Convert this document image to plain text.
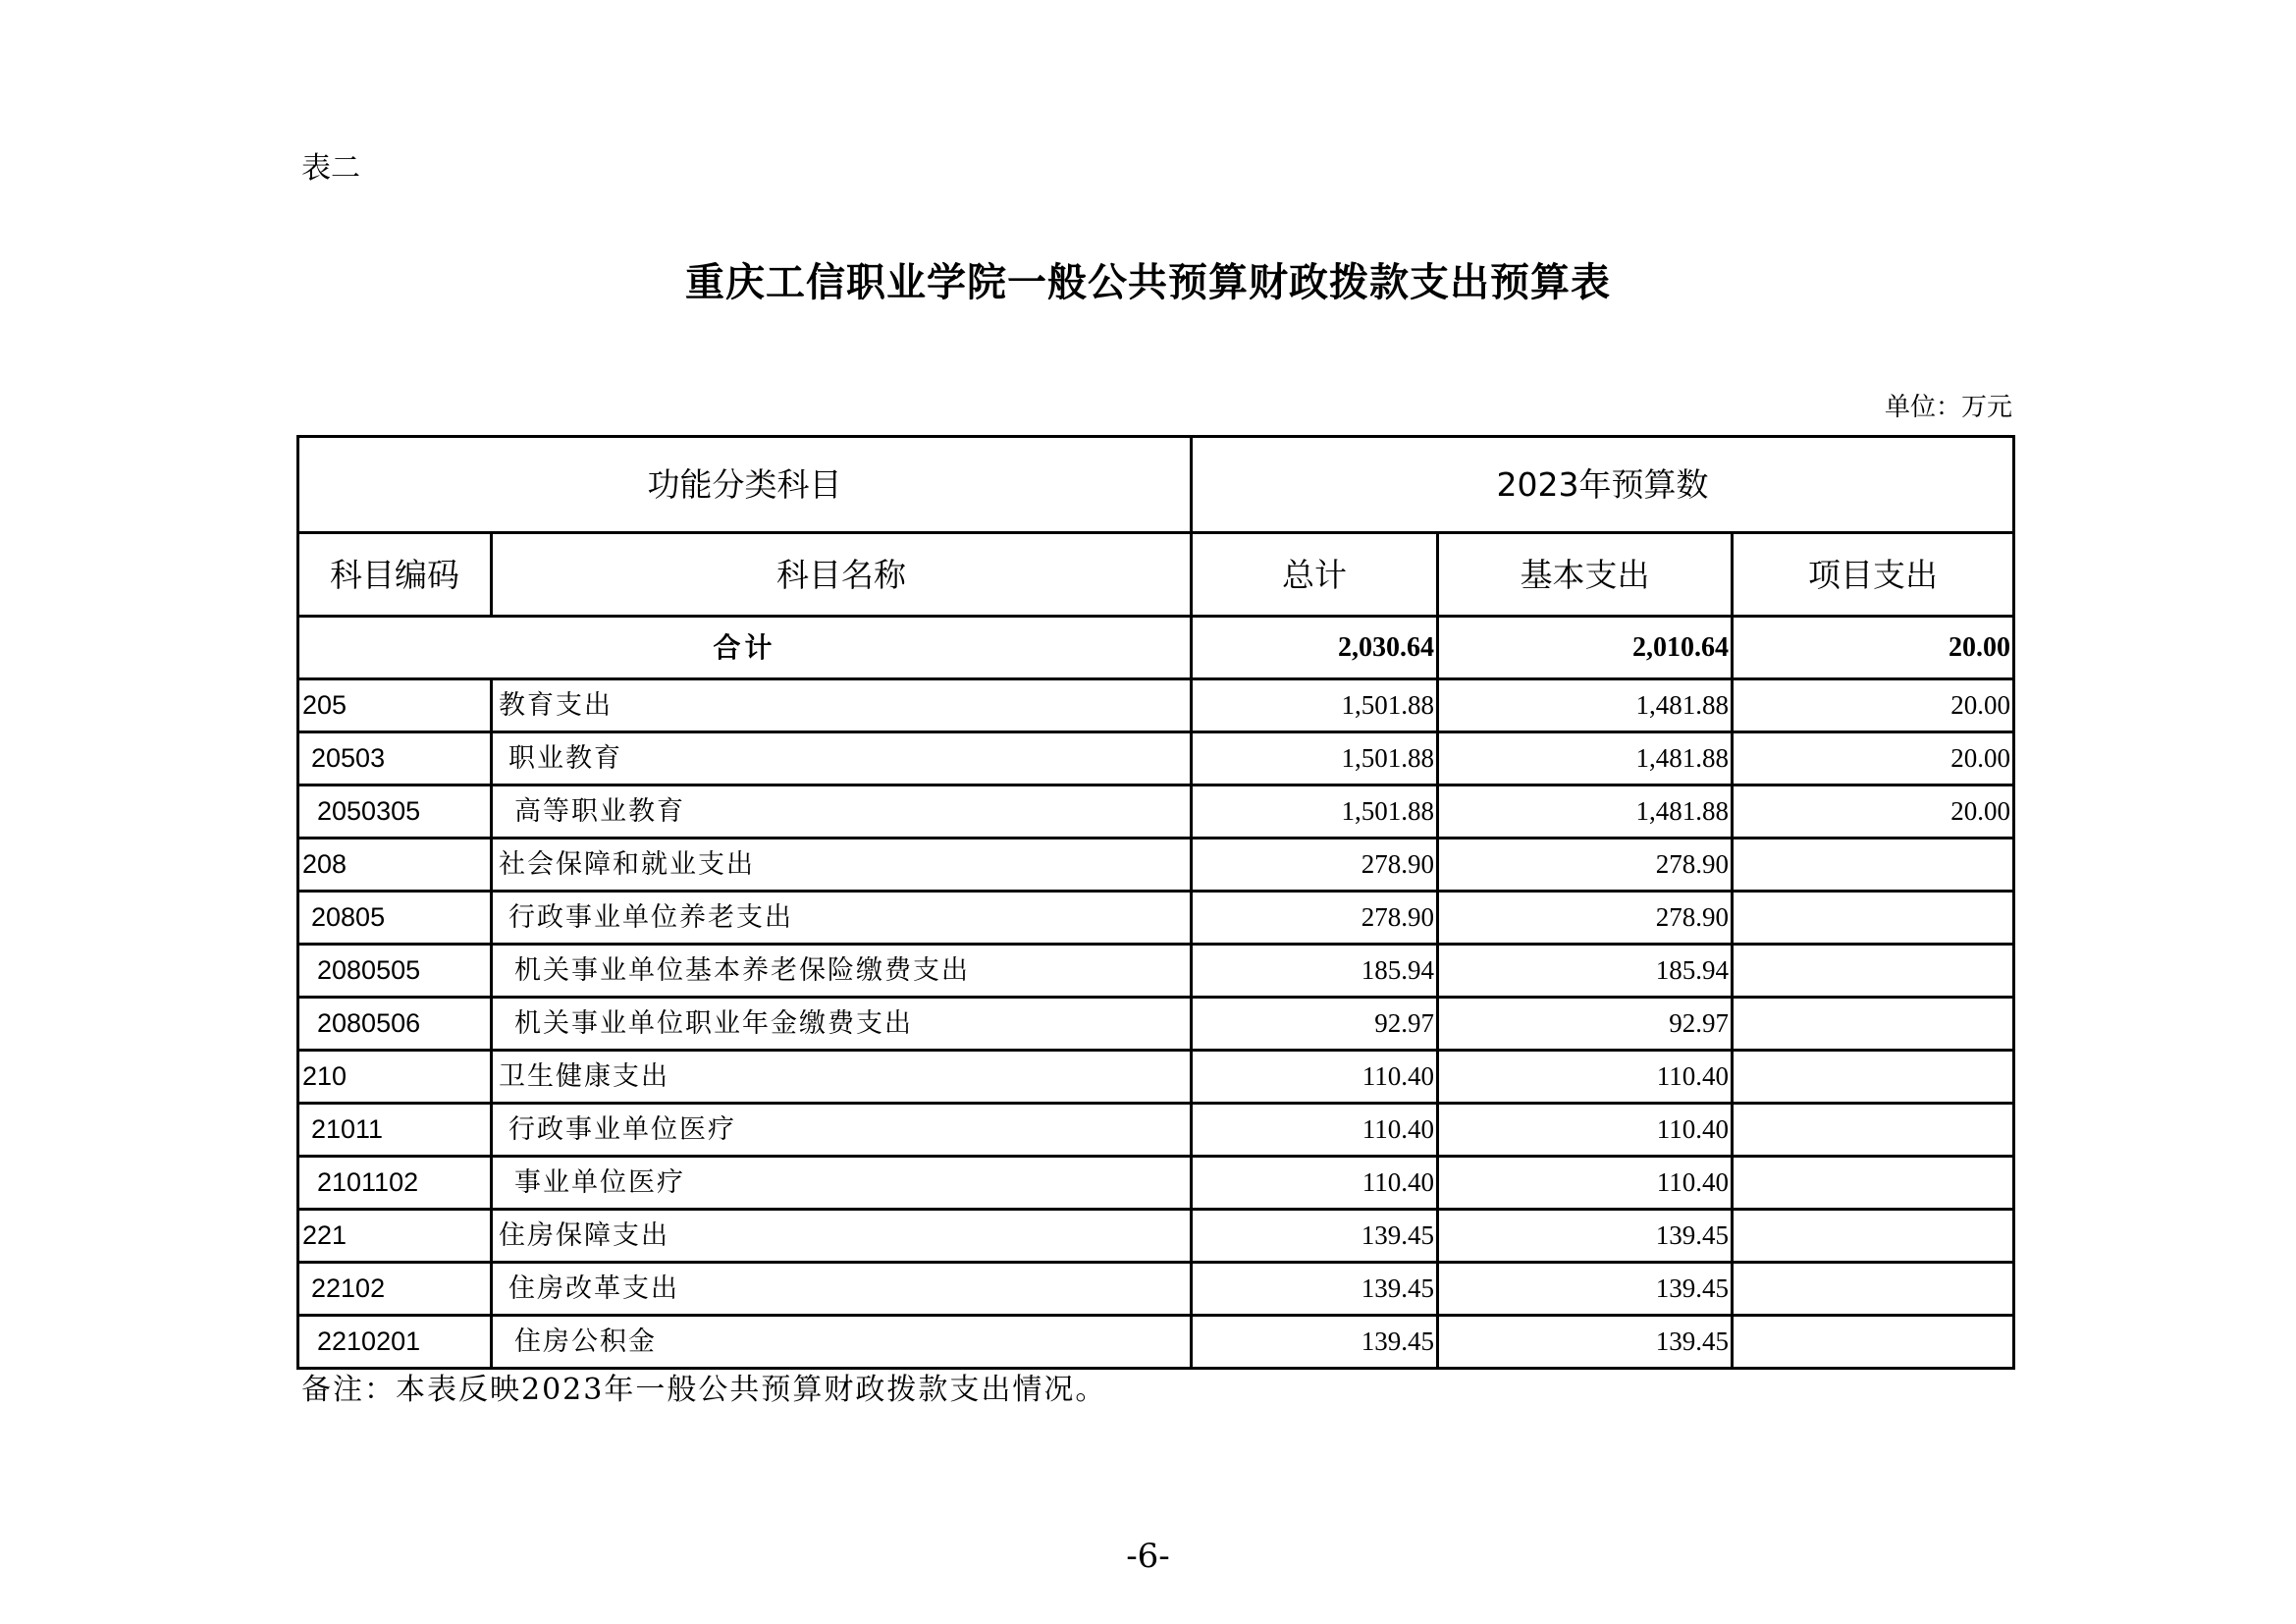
表二
重庆工信职业学院一般公共预算财政拨款支出预算表
单位：万元
功能分类科目		2023年预算数		
科目编码	科目名称	总计	基本支出	项目支出
合计		2,030.64	2,010.64	20.00
205	教育支出	1,501.88	1,481.88	20.00
20503	职业教育	1,501.88	1,481.88	20.00
2050305	高等职业教育	1,501.88	1,481.88	20.00
208	社会保障和就业支出	278.90	278.90	
20805	行政事业单位养老支出	278.90	278.90	
2080505	机关事业单位基本养老保险缴费支出	185.94	185.94	
2080506	机关事业单位职业年金缴费支出	92.97	92.97	
210	卫生健康支出	110.40	110.40	
21011	行政事业单位医疗	110.40	110.40	
2101102	事业单位医疗	110.40	110.40	
221	住房保障支出	139.45	139.45	
22102	住房改革支出	139.45	139.45	
2210201	住房公积金	139.45	139.45	
备注：本表反映2023年一般公共预算财政拨款支出情况。
-6-
